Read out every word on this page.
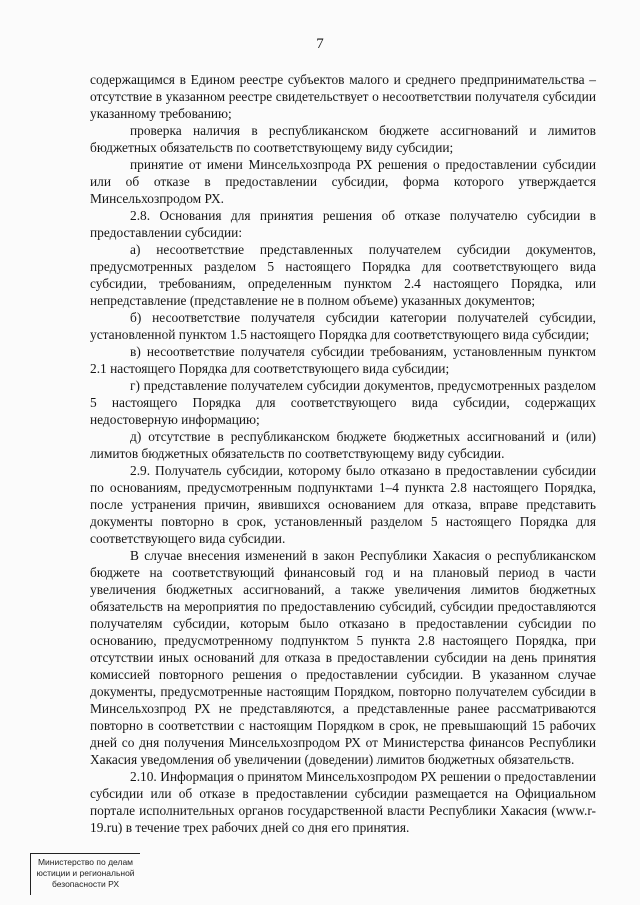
7

содержащимся в Едином реестре субъектов малого и среднего предпринимательства – отсутствие в указанном реестре свидетельствует о несоответствии получателя субсидии указанному требованию;

проверка наличия в республиканском бюджете ассигнований и лимитов бюджетных обязательств по соответствующему виду субсидии;

принятие от имени Минсельхозпрода РХ решения о предоставлении субсидии или об отказе в предоставлении субсидии, форма которого утверждается Минсельхозпродом РХ.

2.8. Основания для принятия решения об отказе получателю субсидии в предоставлении субсидии:

а) несоответствие представленных получателем субсидии документов, предусмотренных разделом 5 настоящего Порядка для соответствующего вида субсидии, требованиям, определенным пунктом 2.4 настоящего Порядка, или непредставление (представление не в полном объеме) указанных документов;

б) несоответствие получателя субсидии категории получателей субсидии, установленной пунктом 1.5 настоящего Порядка для соответствующего вида субсидии;

в) несоответствие получателя субсидии требованиям, установленным пунктом 2.1 настоящего Порядка для соответствующего вида субсидии;

г) представление получателем субсидии документов, предусмотренных разделом 5 настоящего Порядка для соответствующего вида субсидии, содержащих недостоверную информацию;

д) отсутствие в республиканском бюджете бюджетных ассигнований и (или) лимитов бюджетных обязательств по соответствующему виду субсидии.

2.9. Получатель субсидии, которому было отказано в предоставлении субсидии по основаниям, предусмотренным подпунктами 1–4 пункта 2.8 настоящего Порядка, после устранения причин, явившихся основанием для отказа, вправе представить документы повторно в срок, установленный разделом 5 настоящего Порядка для соответствующего вида субсидии.

В случае внесения изменений в закон Республики Хакасия о республиканском бюджете на соответствующий финансовый год и на плановый период в части увеличения бюджетных ассигнований, а также увеличения лимитов бюджетных обязательств на мероприятия по предоставлению субсидий, субсидии предоставляются получателям субсидии, которым было отказано в предоставлении субсидии по основанию, предусмотренному подпунктом 5 пункта 2.8 настоящего Порядка, при отсутствии иных оснований для отказа в предоставлении субсидии на день принятия комиссией повторного решения о предоставлении субсидии. В указанном случае документы, предусмотренные настоящим Порядком, повторно получателем субсидии в Минсельхозпрод РХ не представляются, а представленные ранее рассматриваются повторно в соответствии с настоящим Порядком в срок, не превышающий 15 рабочих дней со дня получения Минсельхозпродом РХ от Министерства финансов Республики Хакасия уведомления об увеличении (доведении) лимитов бюджетных обязательств.

2.10. Информация о принятом Минсельхозпродом РХ решении о предоставлении субсидии или об отказе в предоставлении субсидии размещается на Официальном портале исполнительных органов государственной власти Республики Хакасия (www.r-19.ru) в течение трех рабочих дней со дня его принятия.

Министерство по делам
юстиции и региональной
безопасности РХ
